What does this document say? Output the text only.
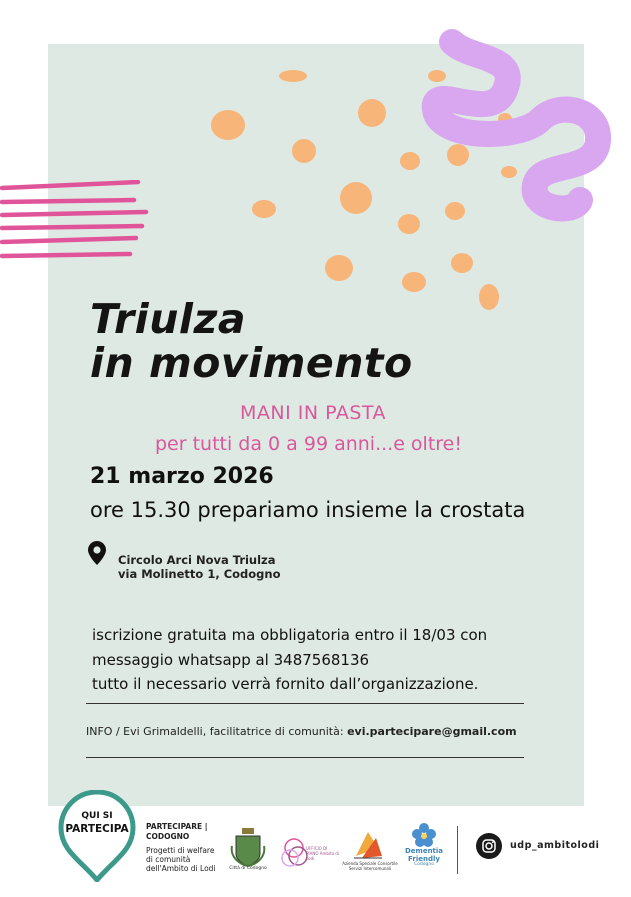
Triulza
in movimento
MANI IN PASTA
per tutti da 0 a 99 anni...e oltre!
21 marzo 2026
ore 15.30 prepariamo insieme la crostata
Circolo Arci Nova Triulza
via Molinetto 1, Codogno
iscrizione gratuita ma obbligatoria entro il 18/03 con
messaggio whatsapp al 3487568136
tutto il necessario verrà fornito dall’organizzazione.
INFO / Evi Grimaldelli, facilitatrice di comunità: evi.partecipare@gmail.com
QUI SI
PARTECIPA	PARTECIPARE |
CODOGNO
Progetti di welfare
di comunità
dell'Ambito di Lodi	Città di Codogno
UFFICIO DI PIANO Ambito di Lodi
Azienda Speciale Consortile Servizi Intercomunali
Dementia Friendly
Codogno
udp_ambitolodi
